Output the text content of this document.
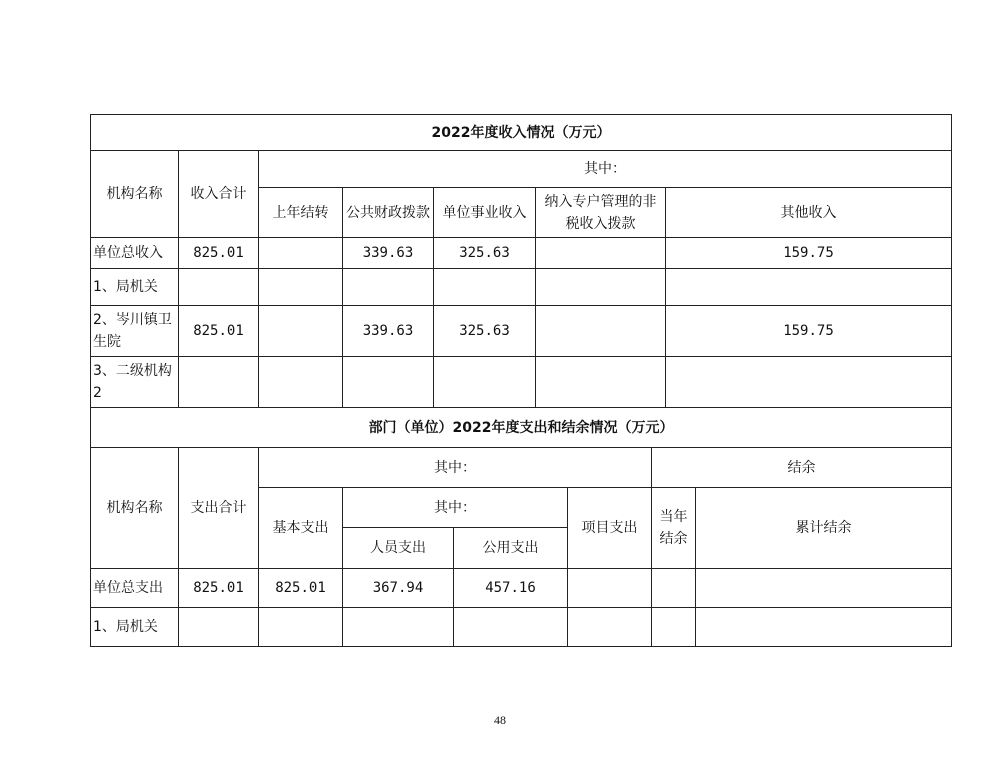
2022年度收入情况（万元）						
机构名称	收入合计	其中：				
		上年结转	公共财政拨款	单位事业收入	纳入专户管理的非税收入拨款	其他收入
单位总收入	825.01		339.63	325.63		159.75
1、局机关						
2、岑川镇卫生院	825.01		339.63	325.63		159.75
3、二级机构2						
部门（单位）2022年度支出和结余情况（万元）							
机构名称	支出合计	其中：				结余	
		基本支出	其中：		项目支出	当年结余	累计结余
			人员支出	公用支出			
单位总支出	825.01	825.01	367.94	457.16			
1、局机关							
48
